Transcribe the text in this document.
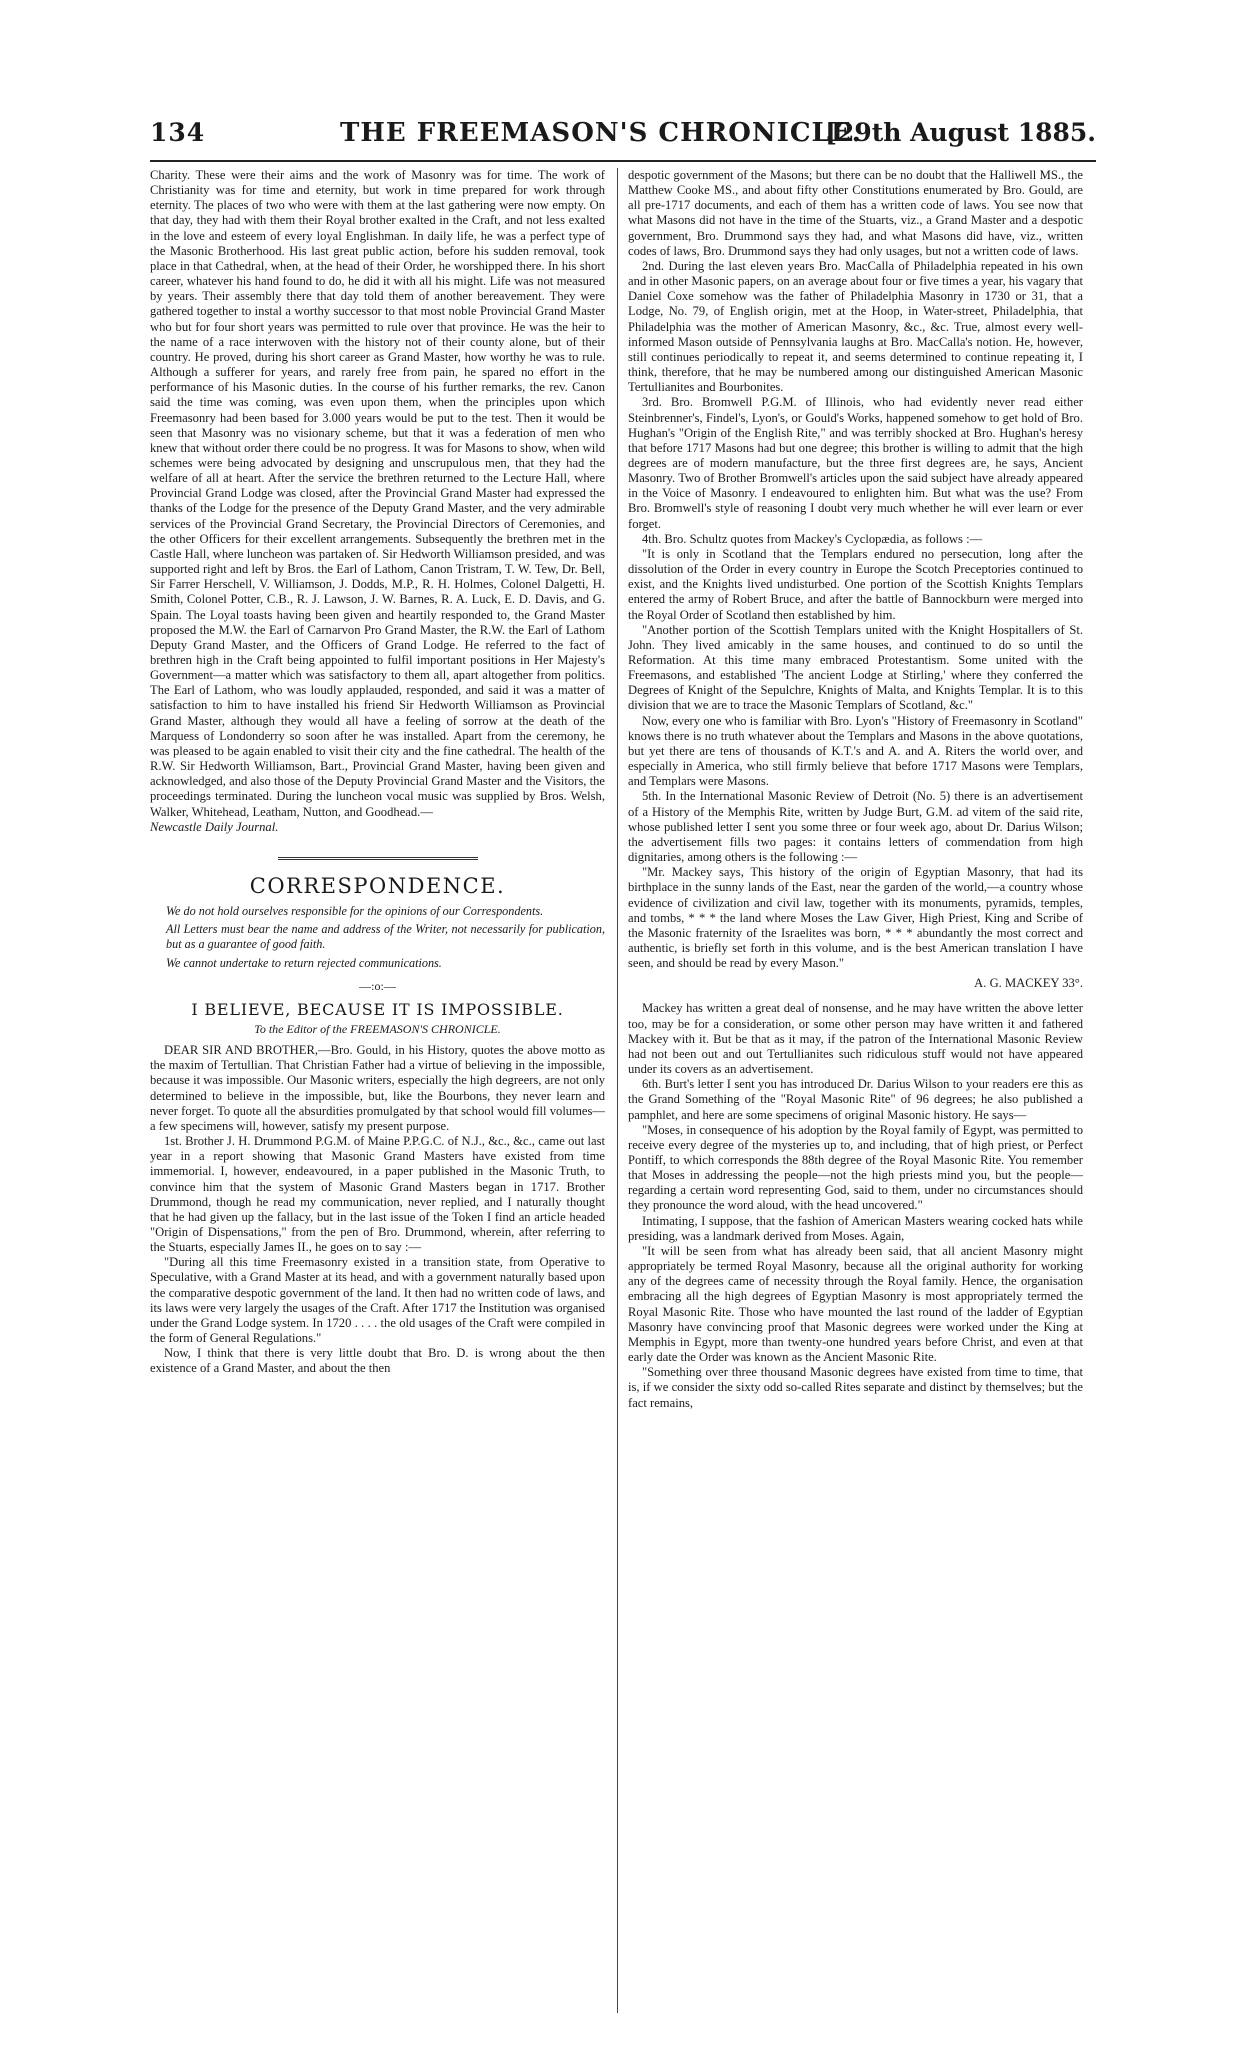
134	THE FREEMASON'S CHRONICLE.
[29th August 1885.

Charity. These were their aims and the work of Masonry was for time. The work of Christianity was for time and eternity, but work in time prepared for work through eternity. The places of two who were with them at the last gathering were now empty. On that day, they had with them their Royal brother exalted in the Craft, and not less exalted in the love and esteem of every loyal Englishman. In daily life, he was a perfect type of the Masonic Brotherhood. His last great public action, before his sudden removal, took place in that Cathedral, when, at the head of their Order, he worshipped there. In his short career, whatever his hand found to do, he did it with all his might. Life was not measured by years. Their assembly there that day told them of another bereavement. They were gathered together to instal a worthy successor to that most noble Provincial Grand Master who but for four short years was permitted to rule over that province. He was the heir to the name of a race interwoven with the history not of their county alone, but of their country. He proved, during his short career as Grand Master, how worthy he was to rule. Although a sufferer for years, and rarely free from pain, he spared no effort in the performance of his Masonic duties. In the course of his further remarks, the rev. Canon said the time was coming, was even upon them, when the principles upon which Freemasonry had been based for 3.000 years would be put to the test. Then it would be seen that Masonry was no visionary scheme, but that it was a federation of men who knew that without order there could be no progress. It was for Masons to show, when wild schemes were being advocated by designing and unscrupulous men, that they had the welfare of all at heart. After the service the brethren returned to the Lecture Hall, where Provincial Grand Lodge was closed, after the Provincial Grand Master had expressed the thanks of the Lodge for the presence of the Deputy Grand Master, and the very admirable services of the Provincial Grand Secretary, the Provincial Directors of Ceremonies, and the other Officers for their excellent arrangements. Subsequently the brethren met in the Castle Hall, where luncheon was partaken of. Sir Hedworth Williamson presided, and was supported right and left by Bros. the Earl of Lathom, Canon Tristram, T. W. Tew, Dr. Bell, Sir Farrer Herschell, V. Williamson, J. Dodds, M.P., R. H. Holmes, Colonel Dalgetti, H. Smith, Colonel Potter, C.B., R. J. Lawson, J. W. Barnes, R. A. Luck, E. D. Davis, and G. Spain. The Loyal toasts having been given and heartily responded to, the Grand Master proposed the M.W. the Earl of Carnarvon Pro Grand Master, the R.W. the Earl of Lathom Deputy Grand Master, and the Officers of Grand Lodge. He referred to the fact of brethren high in the Craft being appointed to fulfil important positions in Her Majesty's Government—a matter which was satisfactory to them all, apart altogether from politics. The Earl of Lathom, who was loudly applauded, responded, and said it was a matter of satisfaction to him to have installed his friend Sir Hedworth Williamson as Provincial Grand Master, although they would all have a feeling of sorrow at the death of the Marquess of Londonderry so soon after he was installed. Apart from the ceremony, he was pleased to be again enabled to visit their city and the fine cathedral. The health of the R.W. Sir Hedworth Williamson, Bart., Provincial Grand Master, having been given and acknowledged, and also those of the Deputy Provincial Grand Master and the Visitors, the proceedings terminated. During the luncheon vocal music was supplied by Bros. Welsh, Walker, Whitehead, Leatham, Nutton, and Goodhead.—

Newcastle Daily Journal.

CORRESPONDENCE.

We do not hold ourselves responsible for the opinions of our Correspondents.

All Letters must bear the name and address of the Writer, not necessarily for publication, but as a guarantee of good faith.

We cannot undertake to return rejected communications.

—:o:—
I BELIEVE, BECAUSE IT IS IMPOSSIBLE.
To the Editor of the FREEMASON'S CHRONICLE.

DEAR SIR AND BROTHER,—Bro. Gould, in his History, quotes the above motto as the maxim of Tertullian. That Christian Father had a virtue of believing in the impossible, because it was impossible. Our Masonic writers, especially the high degreers, are not only determined to believe in the impossible, but, like the Bourbons, they never learn and never forget. To quote all the absurdities promulgated by that school would fill volumes—a few specimens will, however, satisfy my present purpose.

1st. Brother J. H. Drummond P.G.M. of Maine P.P.G.C. of N.J., &c., &c., came out last year in a report showing that Masonic Grand Masters have existed from time immemorial. I, however, endeavoured, in a paper published in the Masonic Truth, to convince him that the system of Masonic Grand Masters began in 1717. Brother Drummond, though he read my communication, never replied, and I naturally thought that he had given up the fallacy, but in the last issue of the Token I find an article headed "Origin of Dispensations," from the pen of Bro. Drummond, wherein, after referring to the Stuarts, especially James II., he goes on to say :—

"During all this time Freemasonry existed in a transition state, from Operative to Speculative, with a Grand Master at its head, and with a government naturally based upon the comparative despotic government of the land. It then had no written code of laws, and its laws were very largely the usages of the Craft. After 1717 the Institution was organised under the Grand Lodge system. In 1720 . . . . the old usages of the Craft were compiled in the form of General Regulations."

Now, I think that there is very little doubt that Bro. D. is wrong about the then existence of a Grand Master, and about the then

despotic government of the Masons; but there can be no doubt that the Halliwell MS., the Matthew Cooke MS., and about fifty other Constitutions enumerated by Bro. Gould, are all pre-1717 documents, and each of them has a written code of laws. You see now that what Masons did not have in the time of the Stuarts, viz., a Grand Master and a despotic government, Bro. Drummond says they had, and what Masons did have, viz., written codes of laws, Bro. Drummond says they had only usages, but not a written code of laws.

2nd. During the last eleven years Bro. MacCalla of Philadelphia repeated in his own and in other Masonic papers, on an average about four or five times a year, his vagary that Daniel Coxe somehow was the father of Philadelphia Masonry in 1730 or 31, that a Lodge, No. 79, of English origin, met at the Hoop, in Water-street, Philadelphia, that Philadelphia was the mother of American Masonry, &c., &c. True, almost every well-informed Mason outside of Pennsylvania laughs at Bro. MacCalla's notion. He, however, still continues periodically to repeat it, and seems determined to continue repeating it, I think, therefore, that he may be numbered among our distinguished American Masonic Tertullianites and Bourbonites.

3rd. Bro. Bromwell P.G.M. of Illinois, who had evidently never read either Steinbrenner's, Findel's, Lyon's, or Gould's Works, happened somehow to get hold of Bro. Hughan's "Origin of the English Rite," and was terribly shocked at Bro. Hughan's heresy that before 1717 Masons had but one degree; this brother is willing to admit that the high degrees are of modern manufacture, but the three first degrees are, he says, Ancient Masonry. Two of Brother Bromwell's articles upon the said subject have already appeared in the Voice of Masonry. I endeavoured to enlighten him. But what was the use? From Bro. Bromwell's style of reasoning I doubt very much whether he will ever learn or ever forget.

4th. Bro. Schultz quotes from Mackey's Cyclopædia, as follows :—

"It is only in Scotland that the Templars endured no persecution, long after the dissolution of the Order in every country in Europe the Scotch Preceptories continued to exist, and the Knights lived undisturbed. One portion of the Scottish Knights Templars entered the army of Robert Bruce, and after the battle of Bannockburn were merged into the Royal Order of Scotland then established by him.

"Another portion of the Scottish Templars united with the Knight Hospitallers of St. John. They lived amicably in the same houses, and continued to do so until the Reformation. At this time many embraced Protestantism. Some united with the Freemasons, and established 'The ancient Lodge at Stirling,' where they conferred the Degrees of Knight of the Sepulchre, Knights of Malta, and Knights Templar. It is to this division that we are to trace the Masonic Templars of Scotland, &c."

Now, every one who is familiar with Bro. Lyon's "History of Freemasonry in Scotland" knows there is no truth whatever about the Templars and Masons in the above quotations, but yet there are tens of thousands of K.T.'s and A. and A. Riters the world over, and especially in America, who still firmly believe that before 1717 Masons were Templars, and Templars were Masons.

5th. In the International Masonic Review of Detroit (No. 5) there is an advertisement of a History of the Memphis Rite, written by Judge Burt, G.M. ad vitem of the said rite, whose published letter I sent you some three or four week ago, about Dr. Darius Wilson; the advertisement fills two pages: it contains letters of commendation from high dignitaries, among others is the following :—

"Mr. Mackey says, This history of the origin of Egyptian Masonry, that had its birthplace in the sunny lands of the East, near the garden of the world,—a country whose evidence of civilization and civil law, together with its monuments, pyramids, temples, and tombs, * * * the land where Moses the Law Giver, High Priest, King and Scribe of the Masonic fraternity of the Israelites was born, * * * abundantly the most correct and authentic, is briefly set forth in this volume, and is the best American translation I have seen, and should be read by every Mason."

A. G. MACKEY 33°.

Mackey has written a great deal of nonsense, and he may have written the above letter too, may be for a consideration, or some other person may have written it and fathered Mackey with it. But be that as it may, if the patron of the International Masonic Review had not been out and out Tertullianites such ridiculous stuff would not have appeared under its covers as an advertisement.

6th. Burt's letter I sent you has introduced Dr. Darius Wilson to your readers ere this as the Grand Something of the "Royal Masonic Rite" of 96 degrees; he also published a pamphlet, and here are some specimens of original Masonic history. He says—

"Moses, in consequence of his adoption by the Royal family of Egypt, was permitted to receive every degree of the mysteries up to, and including, that of high priest, or Perfect Pontiff, to which corresponds the 88th degree of the Royal Masonic Rite. You remember that Moses in addressing the people—not the high priests mind you, but the people—regarding a certain word representing God, said to them, under no circumstances should they pronounce the word aloud, with the head uncovered."

Intimating, I suppose, that the fashion of American Masters wearing cocked hats while presiding, was a landmark derived from Moses. Again,

"It will be seen from what has already been said, that all ancient Masonry might appropriately be termed Royal Masonry, because all the original authority for working any of the degrees came of necessity through the Royal family. Hence, the organisation embracing all the high degrees of Egyptian Masonry is most appropriately termed the Royal Masonic Rite. Those who have mounted the last round of the ladder of Egyptian Masonry have convincing proof that Masonic degrees were worked under the King at Memphis in Egypt, more than twenty-one hundred years before Christ, and even at that early date the Order was known as the Ancient Masonic Rite.

"Something over three thousand Masonic degrees have existed from time to time, that is, if we consider the sixty odd so-called Rites separate and distinct by themselves; but the fact remains,
